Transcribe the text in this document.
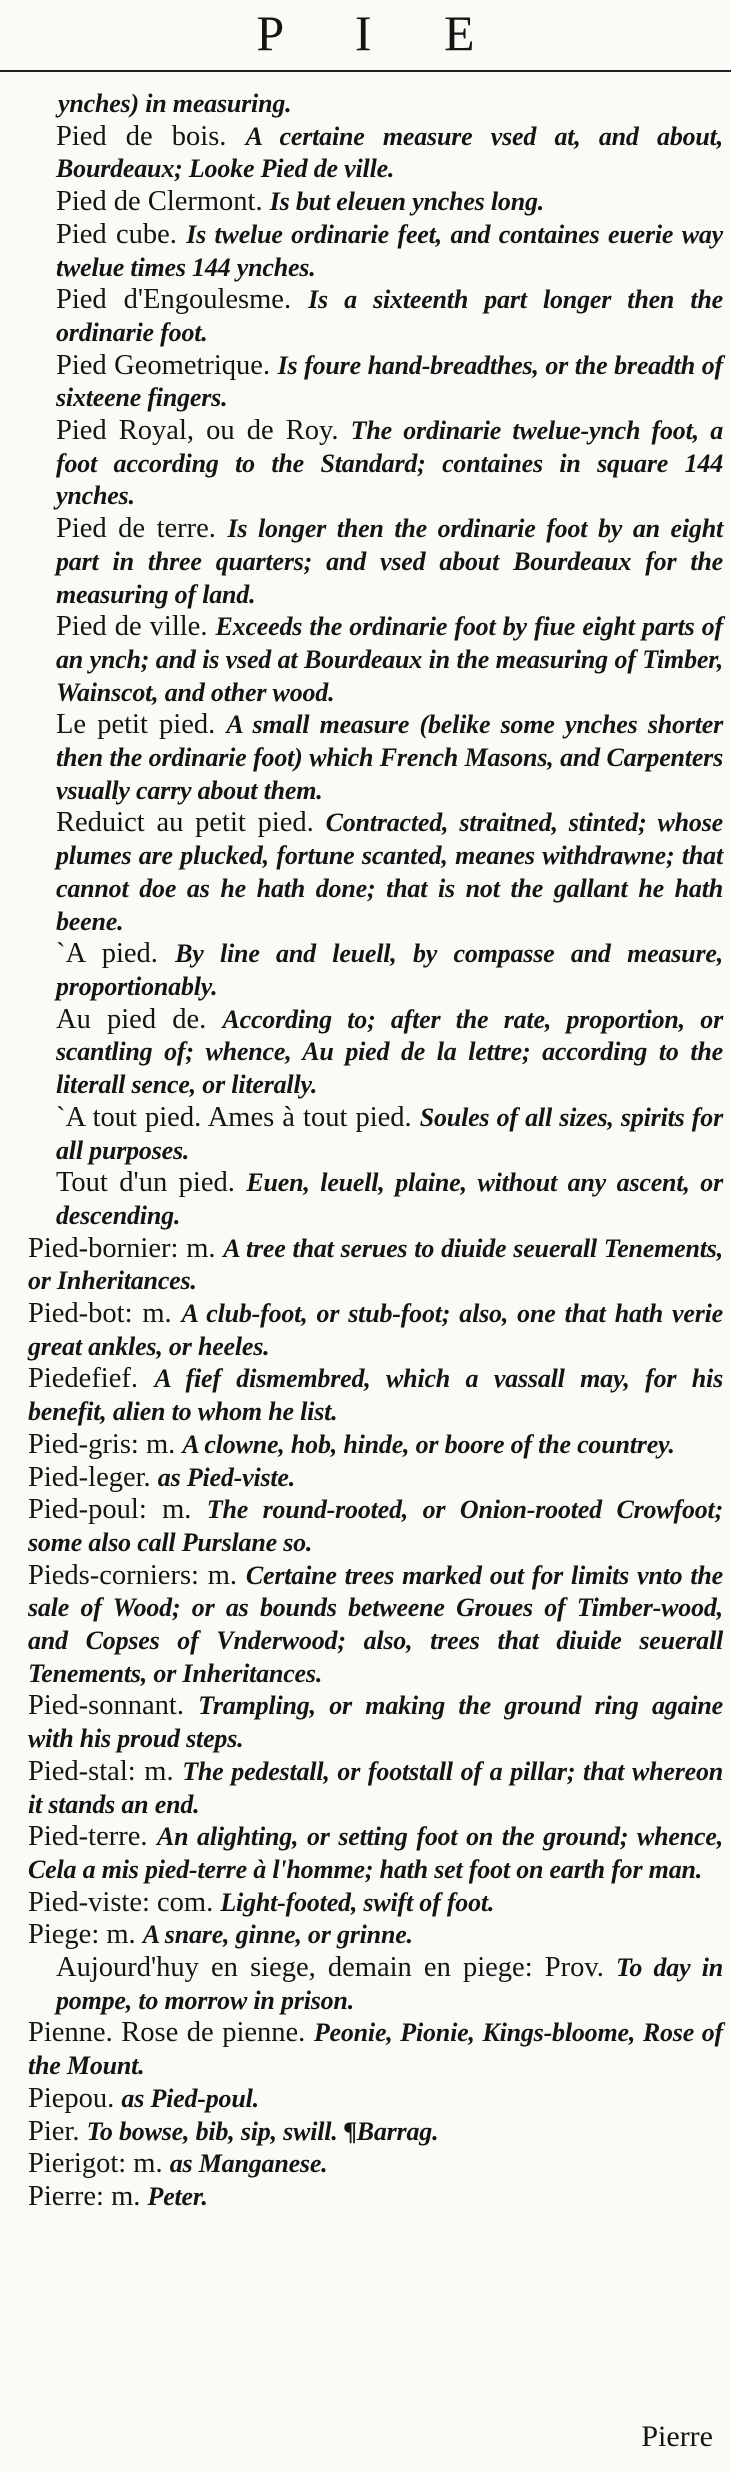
P I E

ynches) in measuring.

Pied de bois. A certaine measure vsed at, and about, Bourdeaux; Looke Pied de ville.

Pied de Clermont. Is but eleuen ynches long.

Pied cube. Is twelue ordinarie feet, and containes euerie way twelue times 144 ynches.

Pied d'Engoulesme. Is a sixteenth part longer then the ordinarie foot.

Pied Geometrique. Is foure hand-breadthes, or the breadth of sixteene fingers.

Pied Royal, ou de Roy. The ordinarie twelue-ynch foot, a foot according to the Standard; containes in square 144 ynches.

Pied de terre. Is longer then the ordinarie foot by an eight part in three quarters; and vsed about Bourdeaux for the measuring of land.

Pied de ville. Exceeds the ordinarie foot by fiue eight parts of an ynch; and is vsed at Bourdeaux in the measuring of Timber, Wainscot, and other wood.

Le petit pied. A small measure (belike some ynches shorter then the ordinarie foot) which French Masons, and Carpenters vsually carry about them.

Reduict au petit pied. Contracted, straitned, stinted; whose plumes are plucked, fortune scanted, meanes withdrawne; that cannot doe as he hath done; that is not the gallant he hath beene.

`A pied. By line and leuell, by compasse and measure, proportionably.

Au pied de. According to; after the rate, proportion, or scantling of; whence, Au pied de la lettre; according to the literall sence, or literally.

`A tout pied. Ames à tout pied. Soules of all sizes, spirits for all purposes.

Tout d'un pied. Euen, leuell, plaine, without any ascent, or descending.

Pied-bornier: m. A tree that serues to diuide seuerall Tenements, or Inheritances.

Pied-bot: m. A club-foot, or stub-foot; also, one that hath verie great ankles, or heeles.

Piedefief. A fief dismembred, which a vassall may, for his benefit, alien to whom he list.

Pied-gris: m. A clowne, hob, hinde, or boore of the countrey.

Pied-leger. as Pied-viste.

Pied-poul: m. The round-rooted, or Onion-rooted Crowfoot; some also call Purslane so.

Pieds-corniers: m. Certaine trees marked out for limits vnto the sale of Wood; or as bounds betweene Groues of Timber-wood, and Copses of Vnderwood; also, trees that diuide seuerall Tenements, or Inheritances.

Pied-sonnant. Trampling, or making the ground ring againe with his proud steps.

Pied-stal: m. The pedestall, or footstall of a pillar; that whereon it stands an end.

Pied-terre. An alighting, or setting foot on the ground; whence, Cela a mis pied-terre à l'homme; hath set foot on earth for man.

Pied-viste: com. Light-footed, swift of foot.

Piege: m. A snare, ginne, or grinne.

Aujourd'huy en siege, demain en piege: Prov. To day in pompe, to morrow in prison.

Pienne. Rose de pienne. Peonie, Pionie, Kings-bloome, Rose of the Mount.

Piepou. as Pied-poul.

Pier. To bowse, bib, sip, swill. ¶Barrag.

Pierigot: m. as Manganese.

Pierre: m. Peter.

Pierre
